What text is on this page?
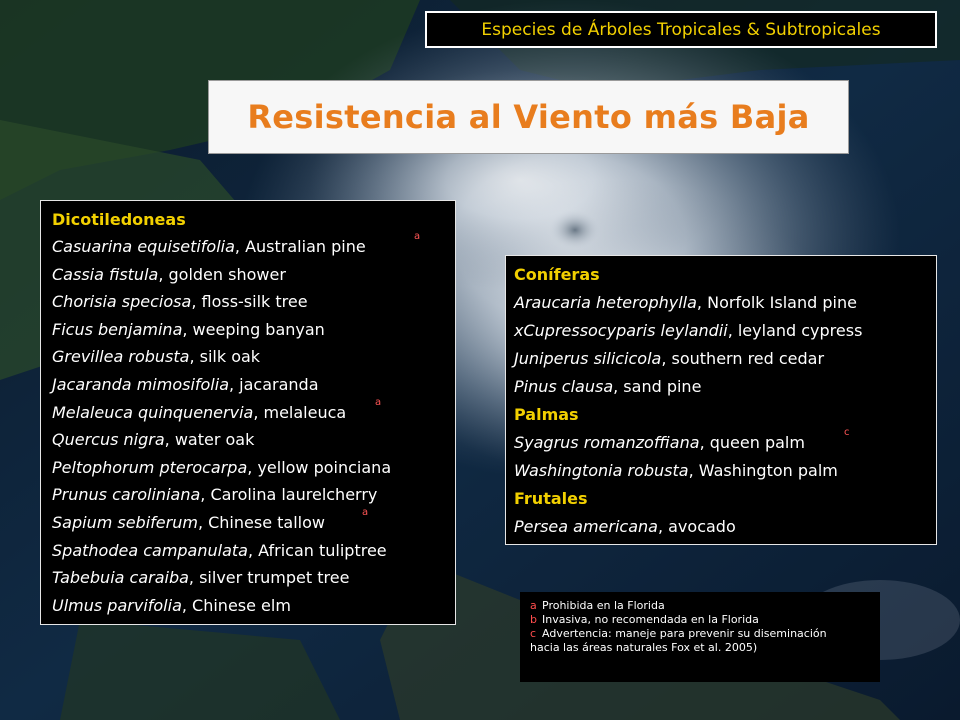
Especies de Árboles Tropicales & Subtropicales
Resistencia al Viento más Baja
Dicotiledoneas
Casuarina equisetifolia, Australian pine
a
Cassia fistula, golden shower
Chorisia speciosa, floss-silk tree
Ficus benjamina, weeping banyan
Grevillea robusta, silk oak
Jacaranda mimosifolia, jacaranda
Melaleuca quinquenervia, melaleuca
a
Quercus nigra, water oak
Peltophorum pterocarpa, yellow poinciana
Prunus caroliniana, Carolina laurelcherry
Sapium sebiferum, Chinese tallow
a
Spathodea campanulata, African tuliptree
Tabebuia caraiba, silver trumpet tree
Ulmus parvifolia, Chinese elm
Coníferas
Araucaria heterophylla, Norfolk Island pine
xCupressocyparis leylandii, leyland cypress
Juniperus silicicola, southern red cedar
Pinus clausa, sand pine
Palmas
Syagrus romanzoffiana, queen palm
c
Washingtonia robusta, Washington palm
Frutales
Persea americana, avocado
a Prohibida en la Florida
b Invasiva, no recomendada en la Florida
c Advertencia: maneje para prevenir su diseminación
hacia las áreas naturales Fox et al. 2005)
